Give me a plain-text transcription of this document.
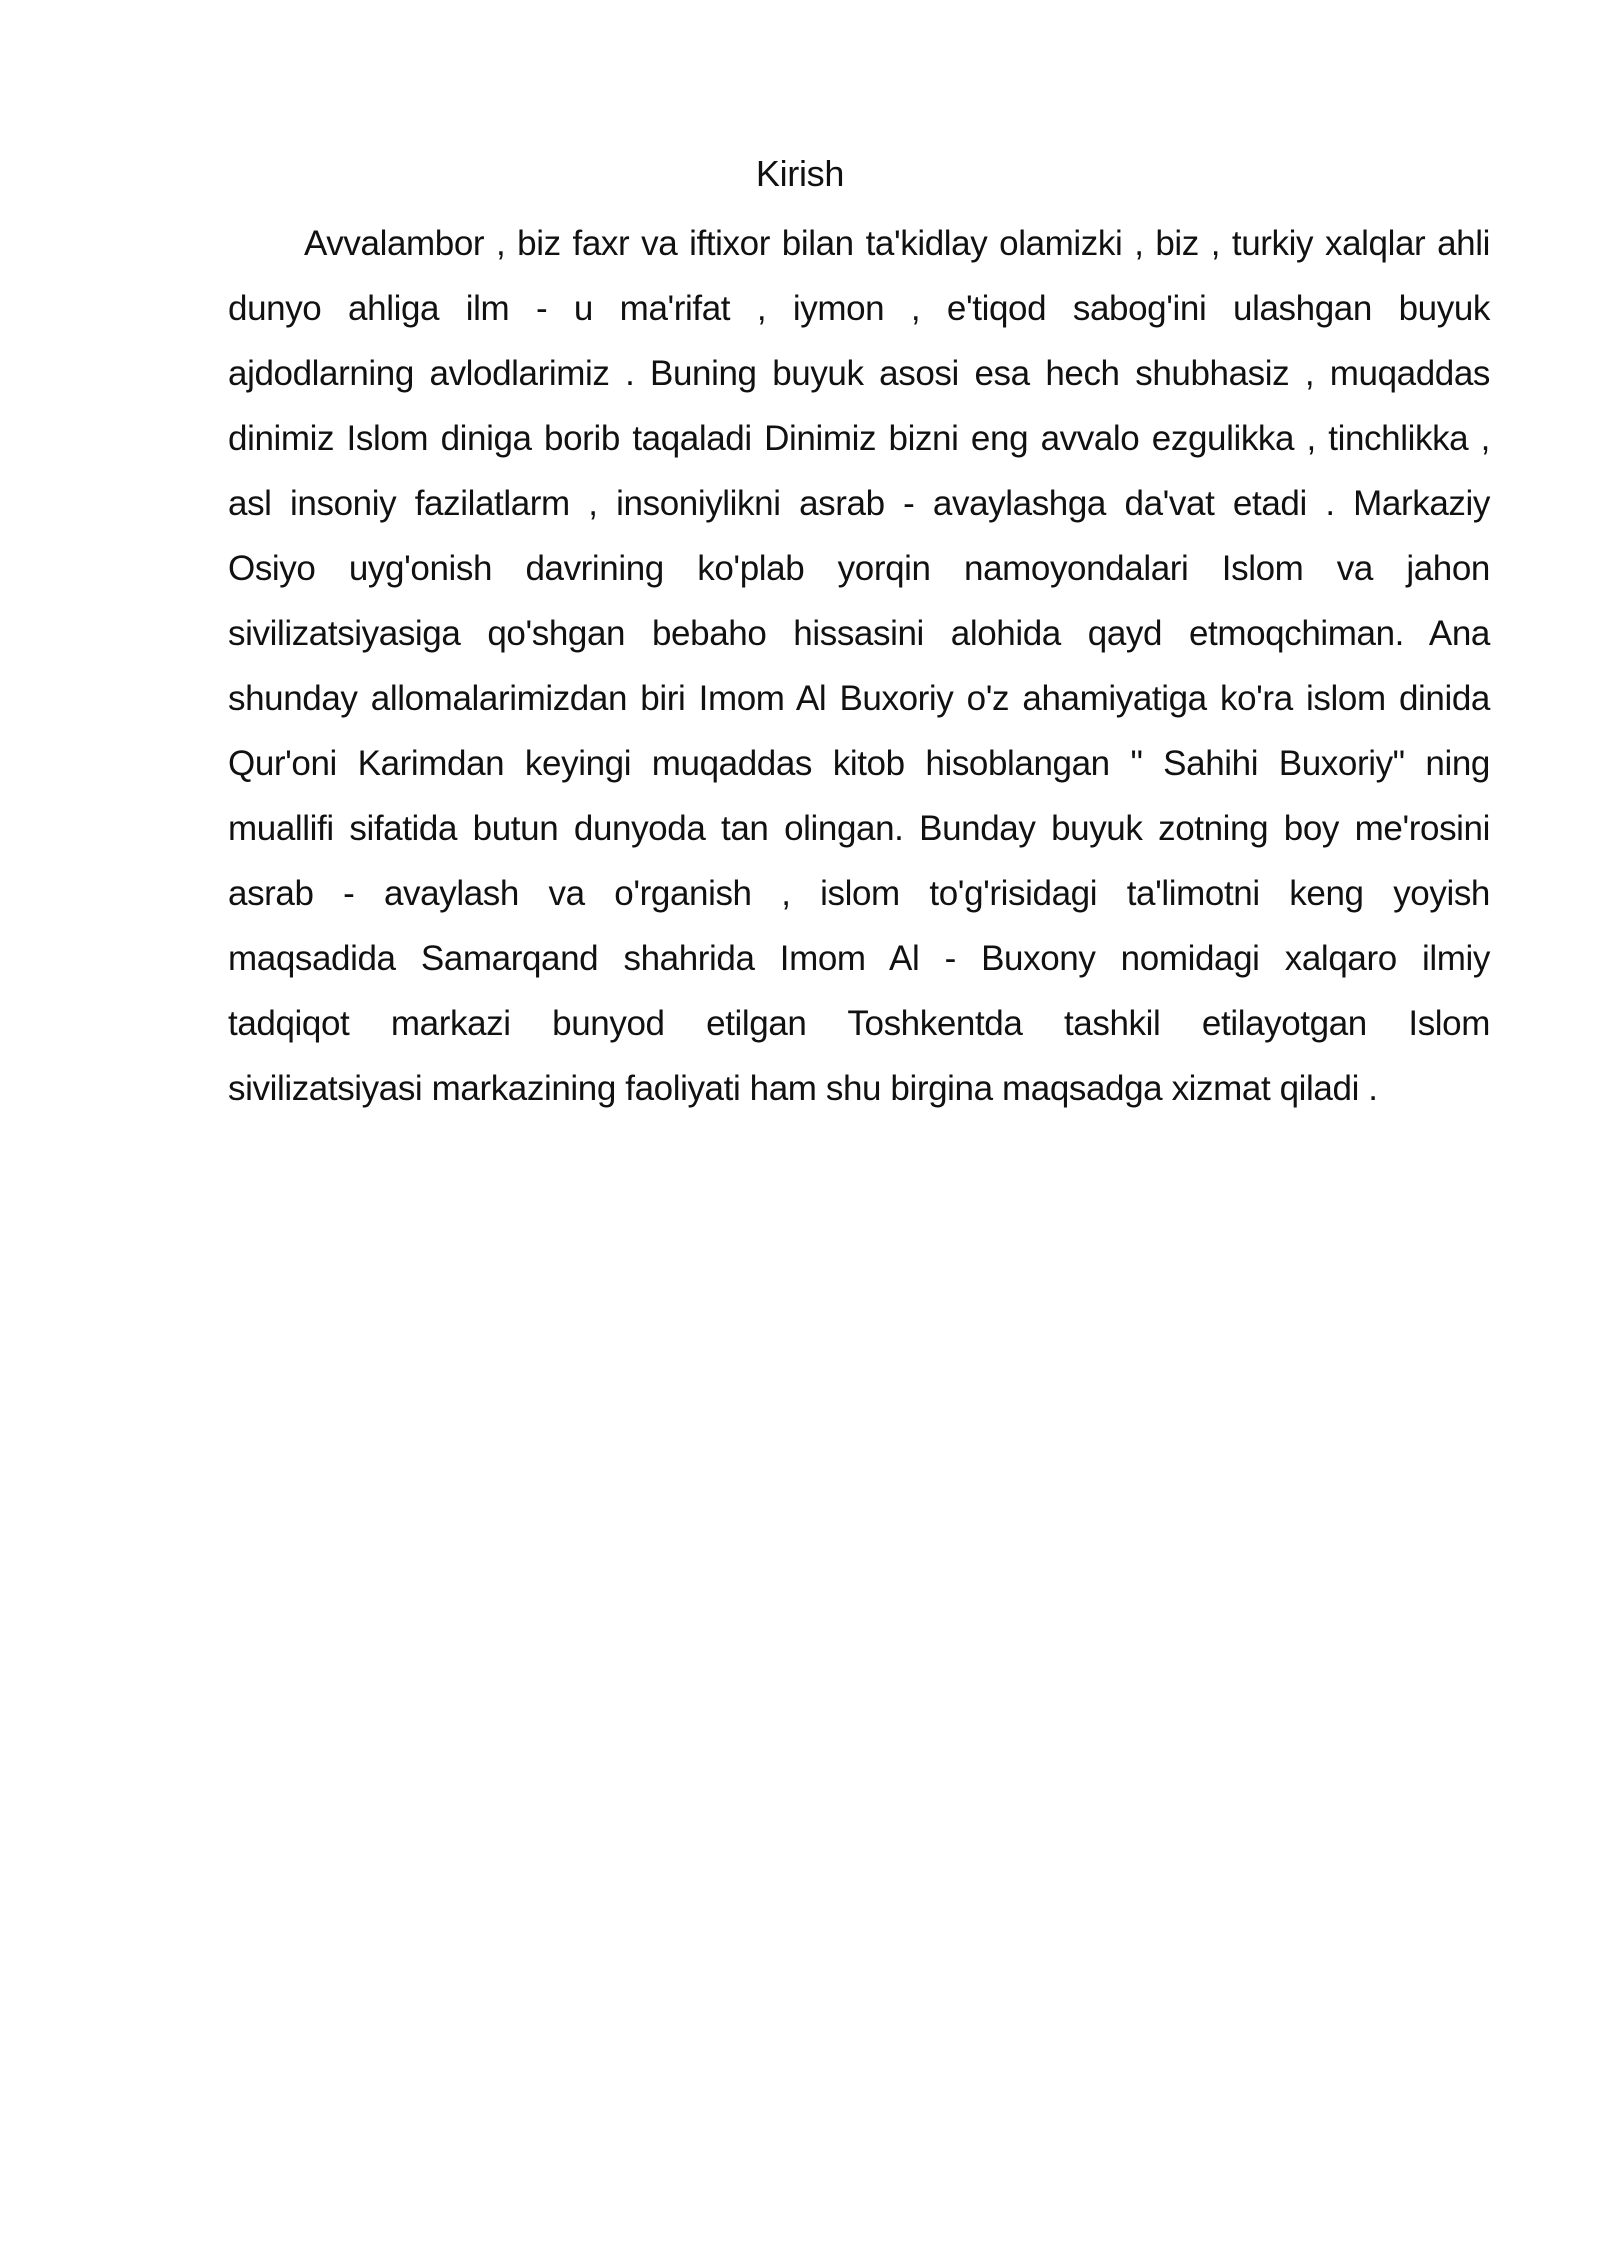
Kirish
Avvalambor , biz faxr va iftixor bilan ta'kidlay olamizki , biz , turkiy xalqlar ahli
dunyo ahliga ilm - u ma'rifat , iymon , e'tiqod sabog'ini ulashgan buyuk
ajdodlarning avlodlarimiz . Buning buyuk asosi esa hech shubhasiz , muqaddas
dinimiz Islom diniga borib taqaladi Dinimiz bizni eng avvalo ezgulikka , tinchlikka ,
asl insoniy fazilatlarm , insoniylikni asrab - avaylashga da'vat etadi . Markaziy
Osiyo uyg'onish davrining ko'plab yorqin namoyondalari Islom va jahon
sivilizatsiyasiga qo'shgan bebaho hissasini alohida qayd etmoqchiman. Ana
shunday allomalarimizdan biri Imom Al Buxoriy o'z ahamiyatiga ko'ra islom dinida
Qur'oni Karimdan keyingi muqaddas kitob hisoblangan " Sahihi Buxoriy" ning
muallifi sifatida butun dunyoda tan olingan. Bunday buyuk zotning boy me'rosini
asrab - avaylash va o'rganish , islom to'g'risidagi ta'limotni keng yoyish
maqsadida Samarqand shahrida Imom Al - Buxony nomidagi xalqaro ilmiy
tadqiqot markazi bunyod etilgan Toshkentda tashkil etilayotgan Islom
sivilizatsiyasi markazining faoliyati ham shu birgina maqsadga xizmat qiladi .
